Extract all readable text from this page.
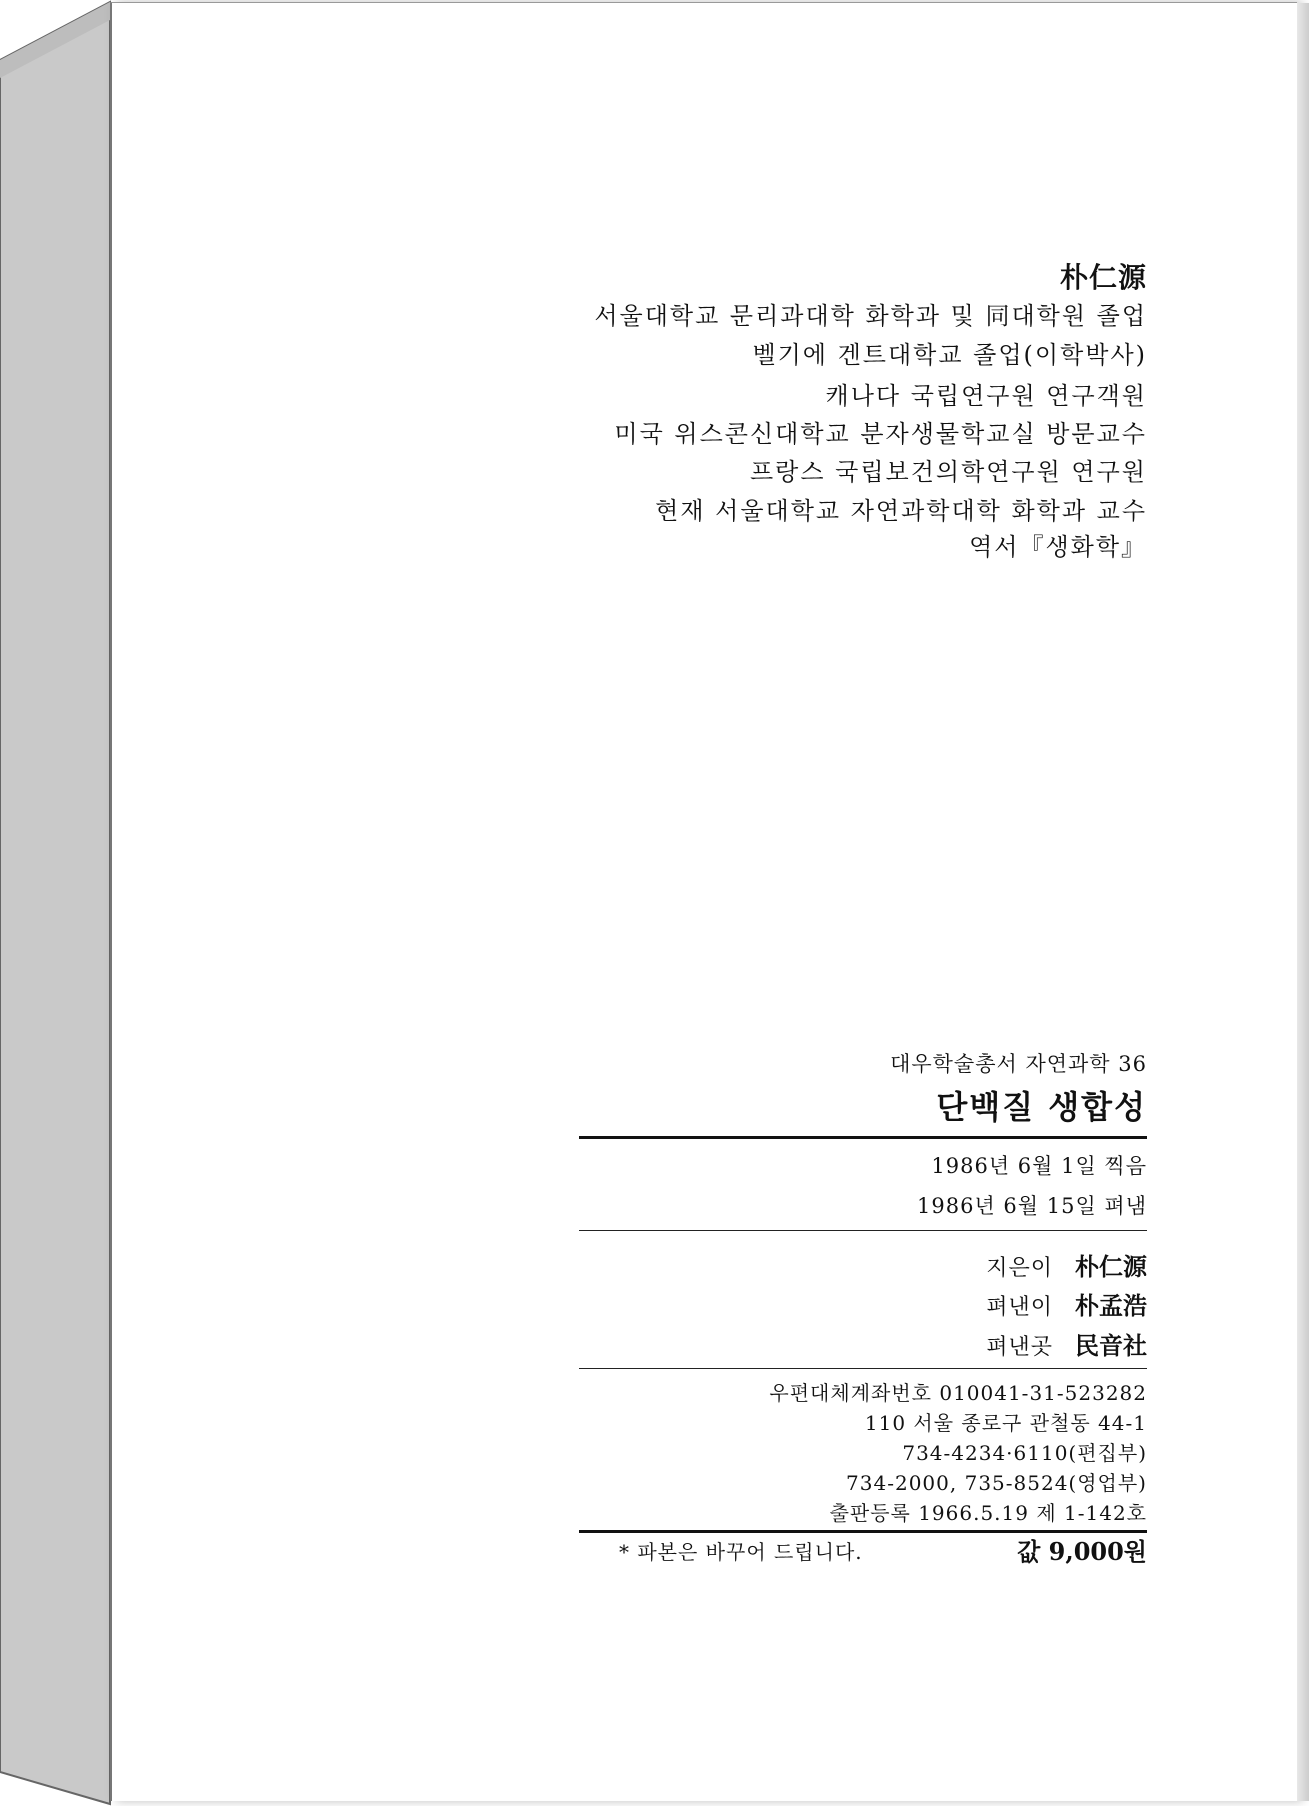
朴仁源
서울대학교 문리과대학 화학과 및 同대학원 졸업
벨기에 겐트대학교 졸업(이학박사)
캐나다 국립연구원 연구객원
미국 위스콘신대학교 분자생물학교실 방문교수
프랑스 국립보건의학연구원 연구원
현재 서울대학교 자연과학대학 화학과 교수
역서『생화학』
대우학술총서 자연과학 36
단백질 생합성
1986년 6월 1일 찍음
1986년 6월 15일 펴냄
지은이 朴仁源
펴낸이 朴孟浩
펴낸곳 民音社
우편대체계좌번호 010041-31-523282
110 서울 종로구 관철동 44-1
734-4234·6110(편집부)
734-2000, 735-8524(영업부)
출판등록 1966.5.19 제 1-142호
* 파본은 바꾸어 드립니다.	값 9,000원
